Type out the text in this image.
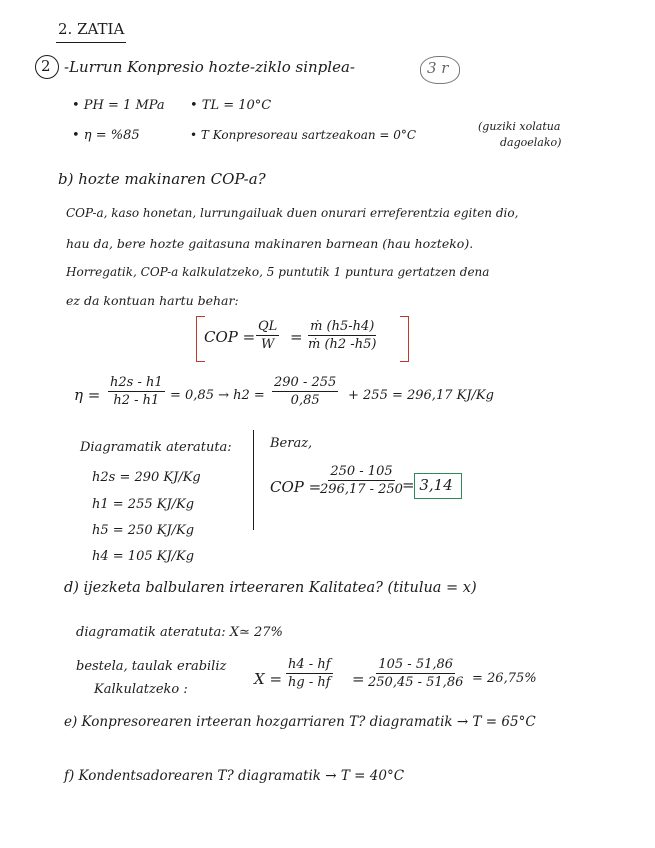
2. ZATIA
2 -Lurrun Konpresio hozte-ziklo sinplea-	3 r
• PH = 1 MPa • TL = 10°C
• η = %85	• T Konpresoreau sartzeakoan = 0°C
(guziki xolatua
dagoelako)
b) hozte makinaren COP-a?
COP-a, kaso honetan, lurrungailuak duen onurari erreferentzia egiten dio,
hau da, bere hozte gaitasuna makinaren barnean (hau hozteko).
Horregatik, COP-a kalkulatzeko, 5 puntutik 1 puntura gertatzen dena
ez da kontuan hartu behar:
COP = $\frac{QL}{W} = \frac{\text{ṁ (h5-h4)}}{\text{ṁ (h2 -h5)}}$
$\eta = \frac{h2s - h1}{h2 - h1} = 0,85 \to h2 = \frac{290 - 255}{0,85} + 255 = 296,17$ KJ/Kg
Diagramatik ateratuta:
h2s = 290 KJ/Kg
h1 = 255 KJ/Kg
h5 = 250 KJ/Kg
h4 = 105 KJ/Kg
Beraz,
COP =
$\frac{250 - 105}{296,17 - 250}$
= 3,14
d) ijezketa balbularen irteeraren Kalitatea? (titulua = x)
diagramatik ateratuta: X≃ 27%
bestela, taulak erabiliz
Kalkulatzeko :
$X = \frac{h4 - hf}{hg - hf} = \frac{105 - 51,86}{250,45 - 51,86} = 26,75\%$
e) Konpresorearen irteeran hozgarriaren T? diagramatik → T = 65°C
f) Kondentsadorearen T? diagramatik → T = 40°C
